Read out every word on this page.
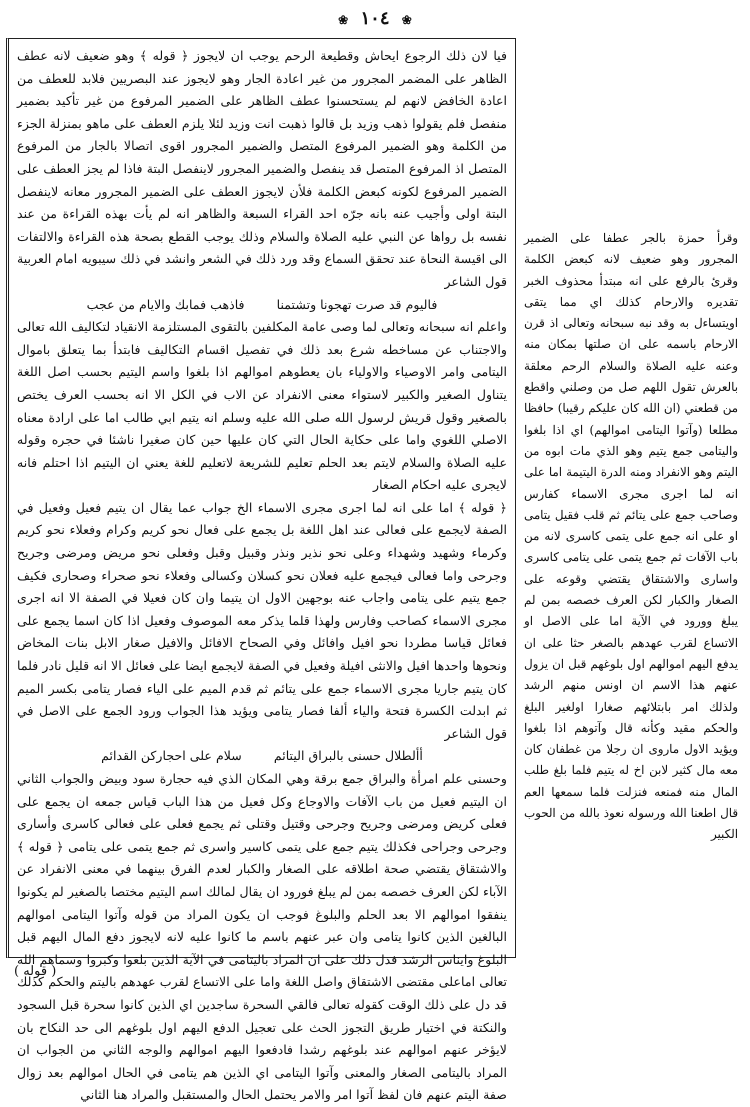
❀ ١٠٤ ❀

فيا لان ذلك الرجوع ايحاش وقطيعة الرحم يوجب ان لايجوز ﴿ قوله ﴾ وهو ضعيف لانه عطف الظاهر على المضمر المجرور من غير اعادة الجار وهو لايجوز عند البصريين فلابد للعطف من اعادة الخافض لانهم لم يستحسنوا عطف الظاهر على الضمير المرفوع من غير تأكيد بضمير منفصل فلم يقولوا ذهب وزيد بل قالوا ذهبت انت وزيد لئلا يلزم العطف على ماهو بمنزلة الجزء من الكلمة وهو الضمير المرفوع المتصل والضمير المجرور اقوى اتصالا بالجار من المرفوع المتصل اذ المرفوع المتصل قد ينفصل والضمير المجرور لاينفصل البتة فاذا لم يجز العطف على الضمير المرفوع لكونه كبعض الكلمة فلأن لايجوز العطف على الضمير المجرور معانه لاينفصل البتة اولى وأجيب عنه بانه جرّه احد القراء السبعة والظاهر انه لم يأت بهذه القراءة من عند نفسه بل رواها عن النبي عليه الصلاة والسلام وذلك يوجب القطع بصحة هذه القراءة والالتفات الى اقيسة النحاة عند تحقق السماع وقد ورد ذلك في الشعر وانشد في ذلك سيبويه امام العربية قول الشاعر

فاليوم قد صرت تهجونا وتشتمنا فاذهب فمابك والايام من عجب

واعلم انه سبحانه وتعالى لما وصى عامة المكلفين بالتقوى المستلزمة الانقياد لتكاليف الله تعالى والاجتناب عن مساخطه شرع بعد ذلك في تفصيل اقسام التكاليف فابتدأ بما يتعلق باموال اليتامى وامر الاوصياء والاولياء بان يعطوهم اموالهم اذا بلغوا واسم اليتيم بحسب اصل اللغة يتناول الصغير والكبير لاستواء معنى الانفراد عن الاب في الكل الا انه بحسب العرف يختص بالصغير وقول قريش لرسول الله صلى الله عليه وسلم انه يتيم ابي طالب اما على ارادة معناه الاصلي اللغوي واما على حكاية الحال التي كان عليها حين كان صغيرا ناشئا في حجره وقوله عليه الصلاة والسلام لايتم بعد الحلم تعليم للشريعة لاتعليم للغة يعني ان اليتيم اذا احتلم فانه لايجرى عليه احكام الصغار

﴿ قوله ﴾ اما على انه لما اجرى مجرى الاسماء الخ جواب عما يقال ان يتيم فعيل وفعيل في الصفة لايجمع على فعالى عند اهل اللغة بل يجمع على فعال نحو كريم وكرام وفعلاء نحو كريم وكرماء وشهيد وشهداء وعلى نحو نذير ونذر وقبيل وقبل وفعلى نحو مريض ومرضى وجريح وجرحى واما فعالى فيجمع عليه فعلان نحو كسلان وكسالى وفعلاء نحو صحراء وصحارى فكيف جمع يتيم على يتامى واجاب عنه بوجهين الاول ان يتيما وان كان فعيلا في الصفة الا انه اجرى مجرى الاسماء كصاحب وفارس ولهذا قلما يذكر معه الموصوف وفعيل اذا كان اسما يجمع على فعائل قياسا مطردا نحو افيل وافائل وفي الصحاح الافائل والافيل صغار الابل بنات المخاض ونحوها واحدها افيل والانثى افيلة وفعيل في الصفة لايجمع ايضا على فعائل الا انه قليل نادر فلما كان يتيم جاريا مجرى الاسماء جمع على يتائم ثم قدم الميم على الياء فصار يتامى بكسر الميم ثم ابدلت الكسرة فتحة والياء ألفا فصار يتامى ويؤيد هذا الجواب ورود الجمع على الاصل في قول الشاعر

أألطلال حسنى بالبراق اليتائم سلام على احجاركن القدائم

وحسنى علم امرأة والبراق جمع برقة وهي المكان الذي فيه حجارة سود وبيض والجواب الثاني ان اليتيم فعيل من باب الآفات والاوجاع وكل فعيل من هذا الباب قياس جمعه ان يجمع على فعلى كريض ومرضى وجريح وجرحى وقتيل وقتلى ثم يجمع فعلى على فعالى كاسرى وأسارى وجرحى وجراحى فكذلك يتيم جمع على يتمى كاسير واسرى ثم جمع يتمى على يتامى ﴿ قوله ﴾ والاشتقاق يقتضي صحة اطلاقه على الصغار والكبار لعدم الفرق بينهما في معنى الانفراد عن الآباء لكن العرف خصصه بمن لم يبلغ فورود ان يقال لمالك اسم اليتيم مختصا بالصغير لم يكونوا ينفقوا اموالهم الا بعد الحلم والبلوغ فوجب ان يكون المراد من قوله وآتوا اليتامى اموالهم البالغين الذين كانوا يتامى وان عبر عنهم باسم ما كانوا عليه لانه لايجوز دفع المال اليهم قبل البلوغ وايناس الرشد فدل ذلك على ان المراد باليتامى في الآية الذين بلغوا وكبروا وسماهم الله تعالى اماعلى مقتضى الاشتقاق واصل اللغة واما على الاتساع لقرب عهدهم باليتم والحكم كذلك قد دل على ذلك الوقت كقوله تعالى فالقي السحرة ساجدين اي الذين كانوا سحرة قبل السجود والنكتة في اختيار طريق التجوز الحث على تعجيل الدفع اليهم اول بلوغهم الى حد النكاح بان لايؤخر عنهم اموالهم عند بلوغهم رشدا فادفعوا اليهم اموالهم والوجه الثاني من الجواب ان المراد باليتامى الصغار والمعنى وآتوا اليتامى اي الذين هم يتامى في الحال اموالهم بعد زوال صفة اليتم عنهم فان لفظ آتوا امر والامر يحتمل الحال والمستقبل والمراد هنا الثاني

وقرأ حمزة بالجر عطفا على الضمير المجرور وهو ضعيف لانه كبعض الكلمة وقرئ بالرفع على انه مبتدأ محذوف الخبر تقديره والارحام كذلك اي مما يتقى اويتساءل به وقد نبه سبحانه وتعالى اذ قرن الارحام باسمه على ان صلتها بمكان منه وعنه عليه الصلاة والسلام الرحم معلقة بالعرش تقول اللهم صل من وصلني واقطع من قطعني (ان الله كان عليكم رقيبا) حافظا مطلعا (وآتوا اليتامى اموالهم) اي اذا بلغوا واليتامى جمع يتيم وهو الذي مات ابوه من اليتم وهو الانفراد ومنه الدرة اليتيمة اما على انه لما اجرى مجرى الاسماء كفارس وصاحب جمع على يتائم ثم قلب فقيل يتامى او على انه جمع على يتمى كاسرى لانه من باب الآفات ثم جمع يتمى على يتامى كاسرى واسارى والاشتقاق يقتضي وقوعه على الصغار والكبار لكن العرف خصصه بمن لم يبلغ وورود في الآية اما على الاصل او الاتساع لقرب عهدهم بالصغر حثا على ان يدفع اليهم اموالهم اول بلوغهم قبل ان يزول عنهم هذا الاسم ان اونس منهم الرشد ولذلك امر بابتلائهم صغارا اولغير البلغ والحكم مقيد وكأنه قال وآتوهم اذا بلغوا ويؤيد الاول ماروى ان رجلا من غطفان كان معه مال كثير لابن اخ له يتيم فلما بلغ طلب المال منه فمنعه فنزلت فلما سمعها العم قال اطعنا الله ورسوله نعوذ بالله من الحوب الكبير
( قوله )
